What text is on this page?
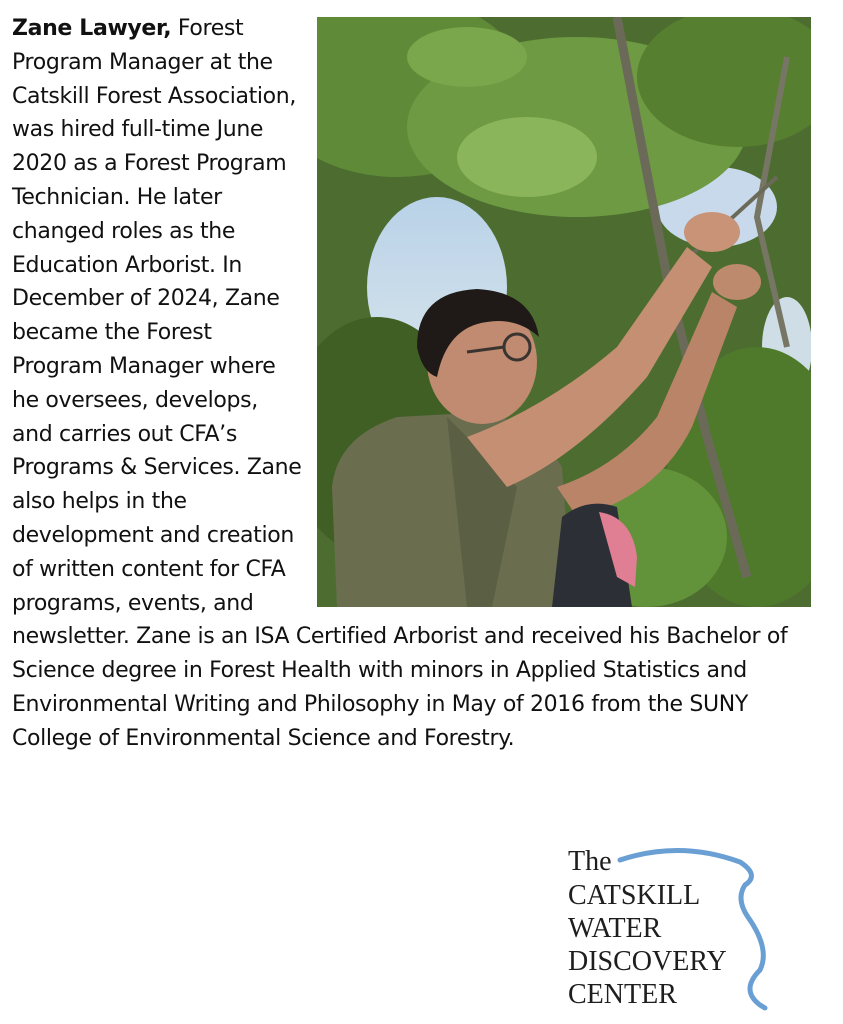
Zane Lawyer, Forest Program Manager at the Catskill Forest Association, was hired full-time June 2020 as a Forest Program Technician. He later changed roles as the Education Arborist. In December of 2024, Zane became the Forest Program Manager where he oversees, develops, and carries out CFA’s Programs & Services. Zane also helps in the development and creation of written content for CFA programs, events, and newsletter. Zane is an ISA Certified Arborist and received his Bachelor of Science degree in Forest Health with minors in Applied Statistics and Environmental Writing and Philosophy in May of 2016 from the SUNY College of Environmental Science and Forestry.

The
CATSKILL
WATER
DISCOVERY
CENTER
